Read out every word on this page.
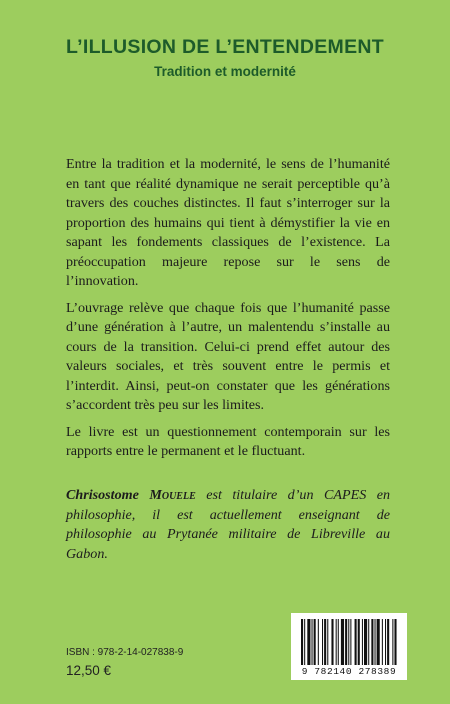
L’ILLUSION DE L’ENTENDEMENT
Tradition et modernité

Entre la tradition et la modernité, le sens de l’humanité en tant que réalité dynamique ne serait perceptible qu’à travers des couches distinctes. Il faut s’interroger sur la proportion des humains qui tient à démystifier la vie en sapant les fondements classiques de l’existence. La préoccupation majeure repose sur le sens de l’innovation.

L’ouvrage relève que chaque fois que l’humanité passe d’une génération à l’autre, un malentendu s’installe au cours de la transition. Celui-ci prend effet autour des valeurs sociales, et très souvent entre le permis et l’interdit. Ainsi, peut-on constater que les générations s’accordent très peu sur les limites.

Le livre est un questionnement contemporain sur les rapports entre le permanent et le fluctuant.

Chrisostome Mouele est titulaire d’un CAPES en philosophie, il est actuellement enseignant de philosophie au Prytanée militaire de Libreville au Gabon.
ISBN : 978-2-14-027838-9
12,50 €	9 782140 278389
